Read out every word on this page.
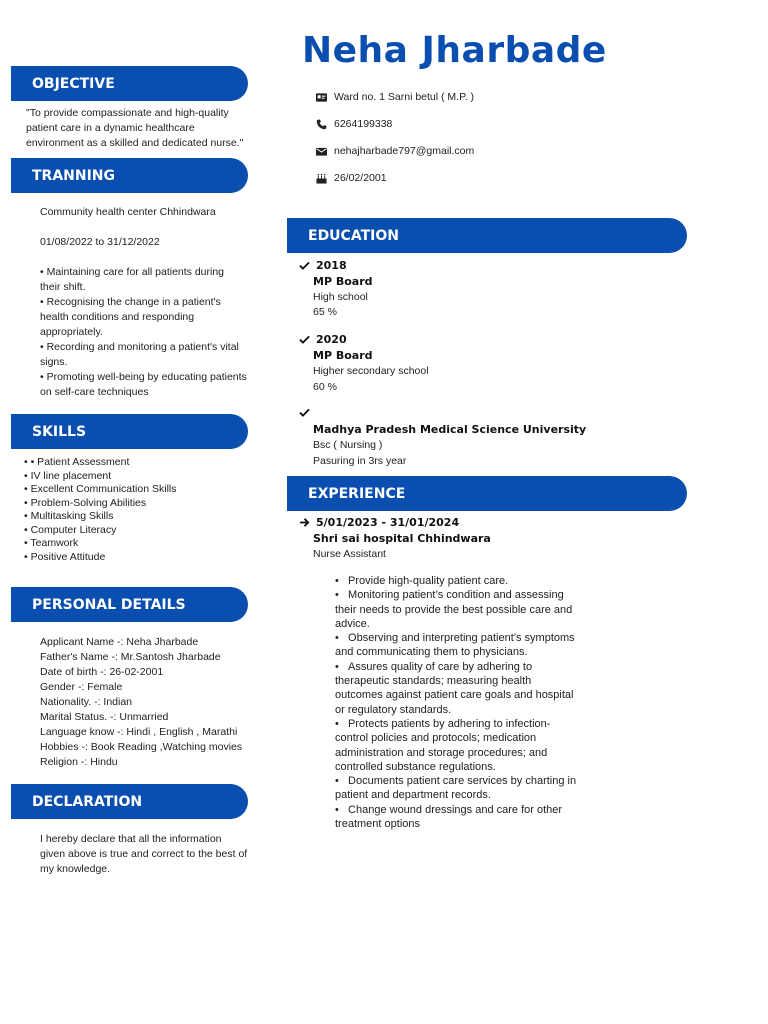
Neha Jharbade
Ward no. 1 Sarni betul ( M.P. )
6264199338
nehajharbade797@gmail.com
26/02/2001
OBJECTIVE
"To provide compassionate and high-quality
patient care in a dynamic healthcare
environment as a skilled and dedicated nurse."
TRANNING
Community health center Chhindwara
01/08/2022 to 31/12/2022
• Maintaining care for all patients during
their shift.
• Recognising the change in a patient's
health conditions and responding
appropriately.
• Recording and monitoring a patient's vital
signs.
• Promoting well-being by educating patients
on self-care techniques
SKILLS
• • Patient Assessment
• IV line placement
• Excellent Communication Skills
• Problem-Solving Abilities
• Multitasking Skills
• Computer Literacy
• Teamwork
• Positive Attitude
PERSONAL DETAILS
Applicant Name -: Neha Jharbade
Father's Name -: Mr.Santosh Jharbade
Date of birth -: 26-02-2001
Gender -: Female
Nationality. -: Indian
Marital Status. -: Unmarried
Language know -: Hindi , English , Marathi
Hobbies -: Book Reading ,Watching movies
Religion -: Hindu
DECLARATION
I hereby declare that all the information
given above is true and correct to the best of
my knowledge.
EDUCATION
2018
MP Board
High school
65 %
2020
MP Board
Higher secondary school
60 %
Madhya Pradesh Medical Science University
Bsc ( Nursing )
Pasuring in 3rs year
EXPERIENCE
5/01/2023 - 31/01/2024
Shri sai hospital Chhindwara
Nurse Assistant
•   Provide high-quality patient care.
•   Monitoring patient’s condition and assessing
their needs to provide the best possible care and
advice.
•   Observing and interpreting patient’s symptoms
and communicating them to physicians.
•   Assures quality of care by adhering to
therapeutic standards; measuring health
outcomes against patient care goals and hospital
or regulatory standards.
•   Protects patients by adhering to infection-
control policies and protocols; medication
administration and storage procedures; and
controlled substance regulations.
•   Documents patient care services by charting in
patient and department records.
•   Change wound dressings and care for other
treatment options
